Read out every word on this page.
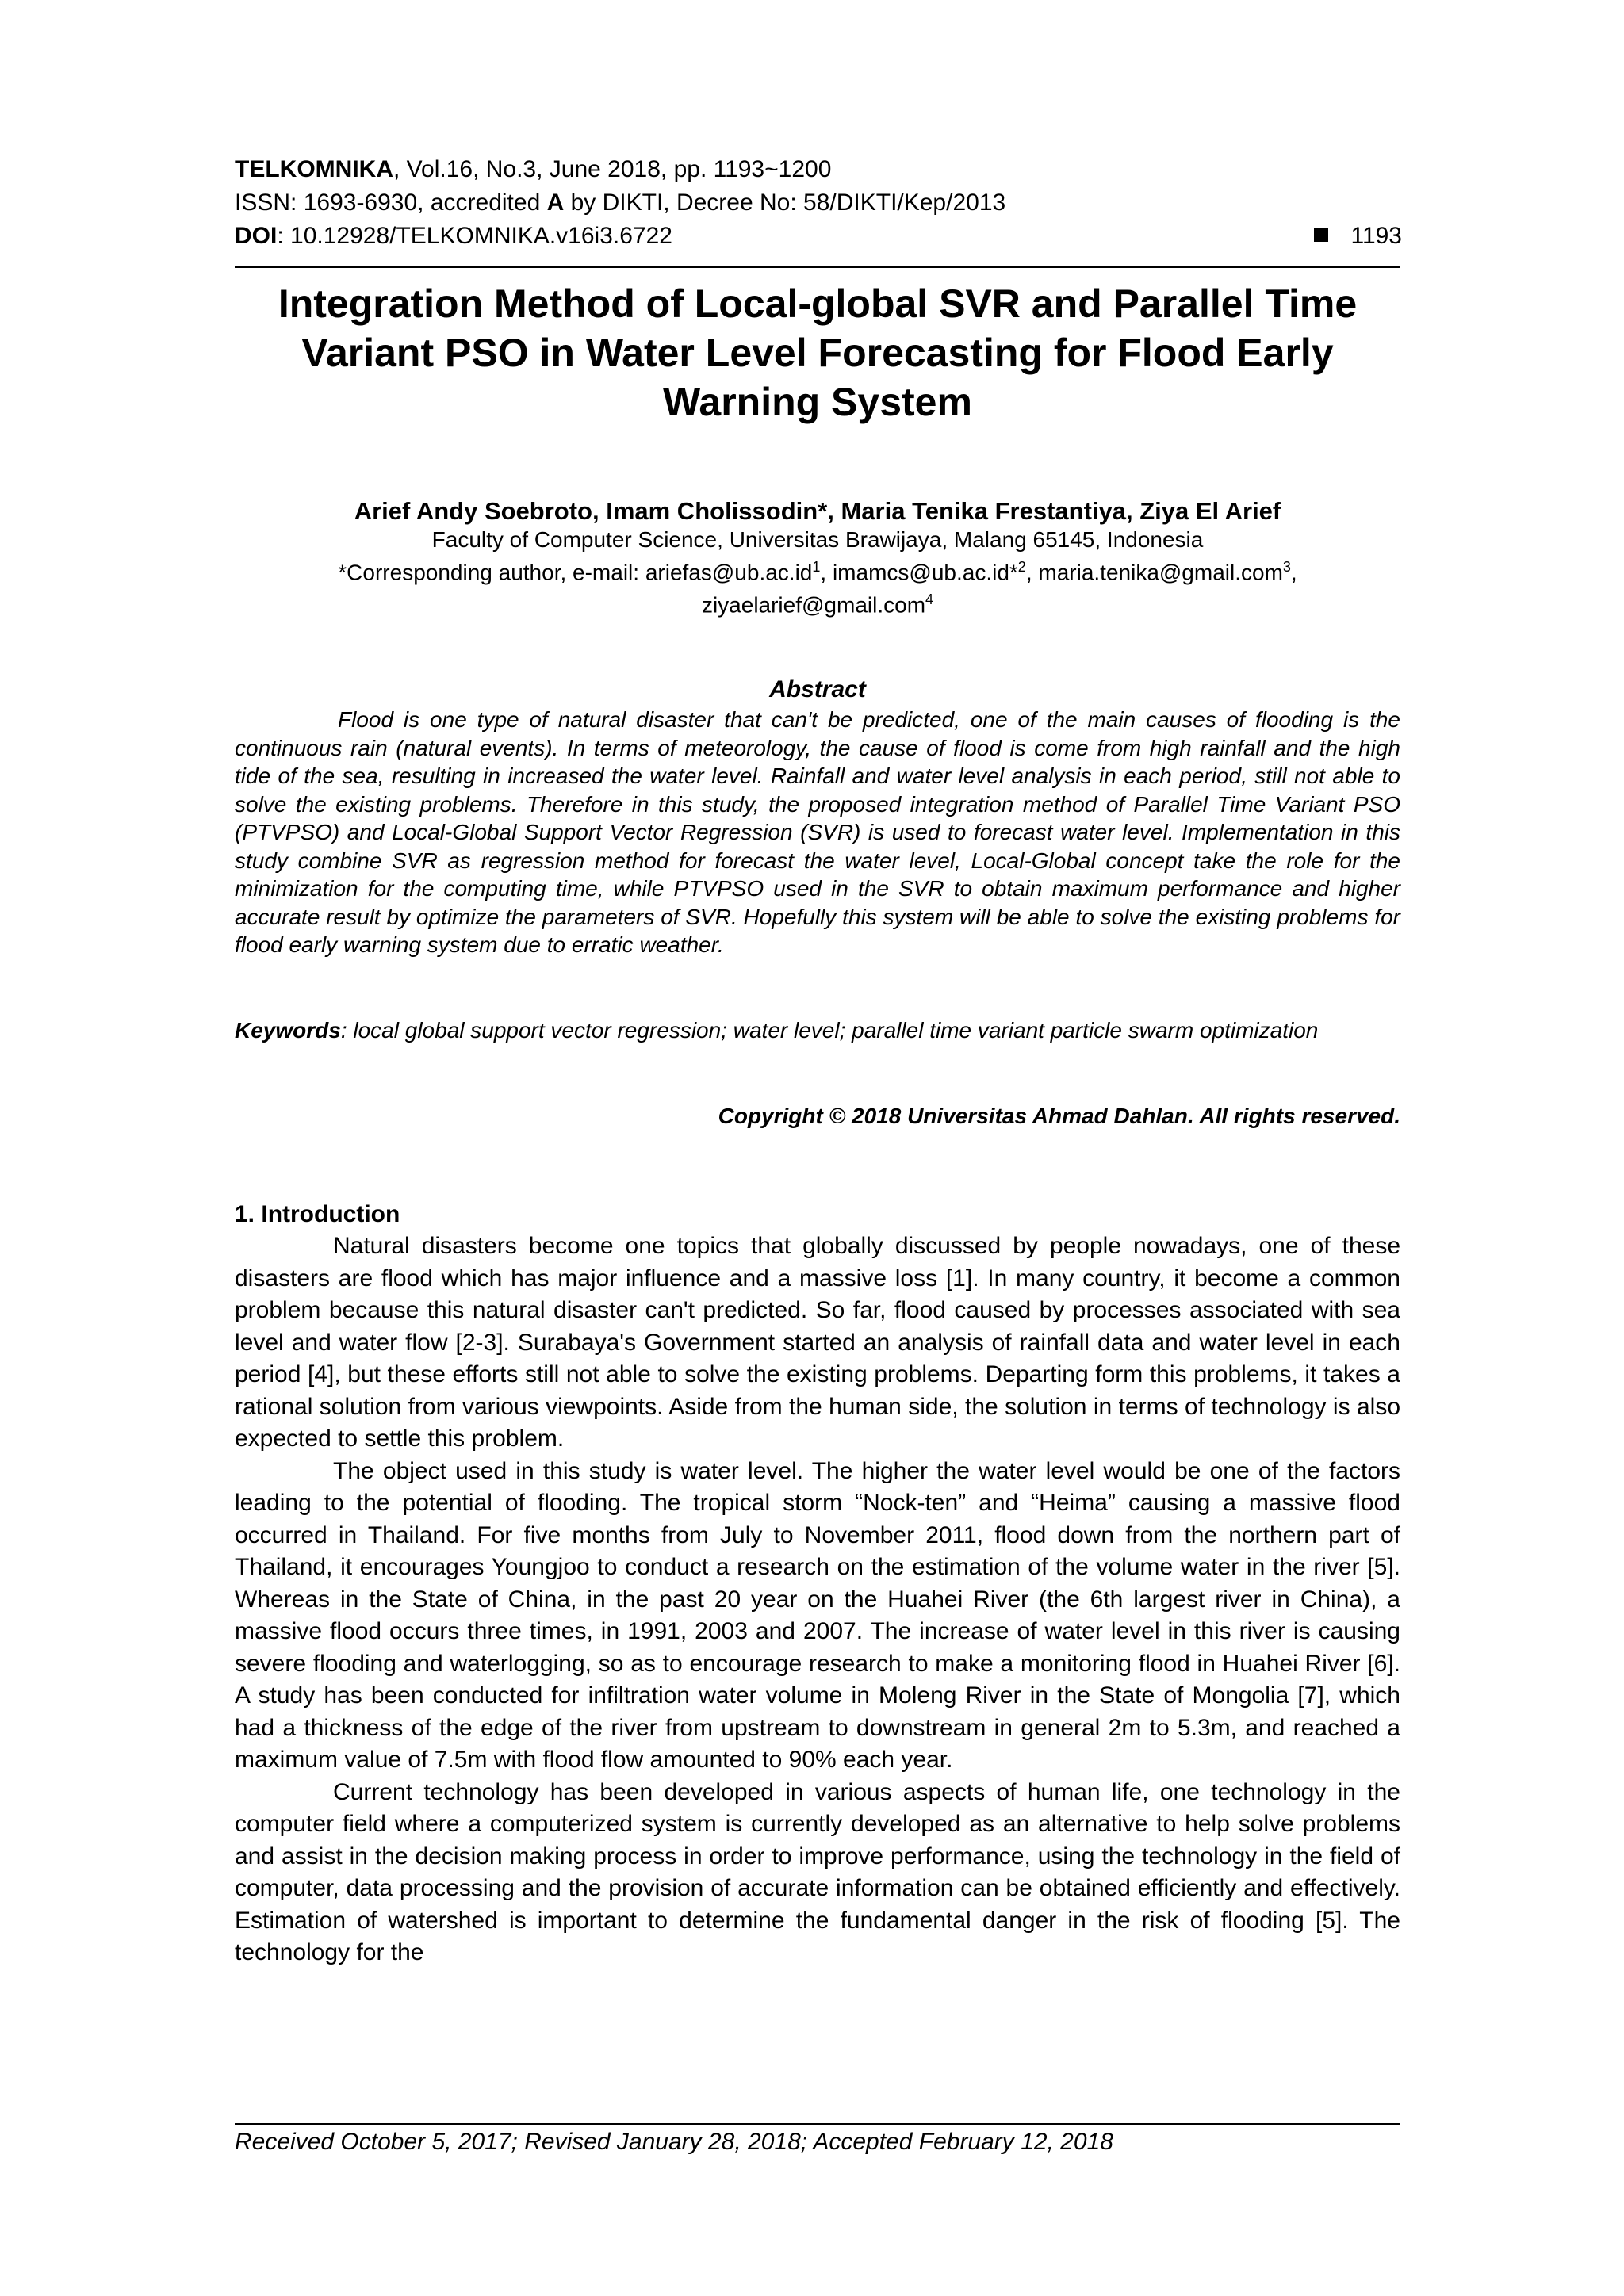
TELKOMNIKA, Vol.16, No.3, June 2018, pp. 1193~1200
ISSN: 1693-6930, accredited A by DIKTI, Decree No: 58/DIKTI/Kep/2013
DOI: 10.12928/TELKOMNIKA.v16i3.6722	1193
Integration Method of Local-global SVR and Parallel Time Variant PSO in Water Level Forecasting for Flood Early Warning System
Arief Andy Soebroto, Imam Cholissodin*, Maria Tenika Frestantiya, Ziya El Arief
Faculty of Computer Science, Universitas Brawijaya, Malang 65145, Indonesia
*Corresponding author, e-mail: $ariefas@ub.ac.id^1$, imamcs@ub.ac.id*$^2$, maria.tenika@gmail.com$^3$,
ziyaelarief@gmail.com$^4$
Abstract
Flood is one type of natural disaster that can't be predicted, one of the main causes of flooding is the continuous rain (natural events). In terms of meteorology, the cause of flood is come from high rainfall and the high tide of the sea, resulting in increased the water level. Rainfall and water level analysis in each period, still not able to solve the existing problems. Therefore in this study, the proposed integration method of Parallel Time Variant PSO (PTVPSO) and Local-Global Support Vector Regression (SVR) is used to forecast water level. Implementation in this study combine SVR as regression method for forecast the water level, Local-Global concept take the role for the minimization for the computing time, while PTVPSO used in the SVR to obtain maximum performance and higher accurate result by optimize the parameters of SVR. Hopefully this system will be able to solve the existing problems for flood early warning system due to erratic weather.
Keywords: local global support vector regression; water level; parallel time variant particle swarm optimization
Copyright © 2018 Universitas Ahmad Dahlan. All rights reserved.
1. Introduction

Natural disasters become one topics that globally discussed by people nowadays, one of these disasters are flood which has major influence and a massive loss [1]. In many country, it become a common problem because this natural disaster can't predicted. So far, flood caused by processes associated with sea level and water flow [2-3]. Surabaya's Government started an analysis of rainfall data and water level in each period [4], but these efforts still not able to solve the existing problems. Departing form this problems, it takes a rational solution from various viewpoints. Aside from the human side, the solution in terms of technology is also expected to settle this problem.

The object used in this study is water level. The higher the water level would be one of the factors leading to the potential of flooding. The tropical storm “Nock-ten” and “Heima” causing a massive flood occurred in Thailand. For five months from July to November 2011, flood down from the northern part of Thailand, it encourages Youngjoo to conduct a research on the estimation of the volume water in the river [5]. Whereas in the State of China, in the past 20 year on the Huahei River (the 6th largest river in China), a massive flood occurs three times, in 1991, 2003 and 2007. The increase of water level in this river is causing severe flooding and waterlogging, so as to encourage research to make a monitoring flood in Huahei River [6]. A study has been conducted for infiltration water volume in Moleng River in the State of Mongolia [7], which had a thickness of the edge of the river from upstream to downstream in general 2m to 5.3m, and reached a maximum value of 7.5m with flood flow amounted to 90% each year.

Current technology has been developed in various aspects of human life, one technology in the computer field where a computerized system is currently developed as an alternative to help solve problems and assist in the decision making process in order to improve performance, using the technology in the field of computer, data processing and the provision of accurate information can be obtained efficiently and effectively. Estimation of watershed is important to determine the fundamental danger in the risk of flooding [5]. The technology for the

Received October 5, 2017; Revised January 28, 2018; Accepted February 12, 2018
